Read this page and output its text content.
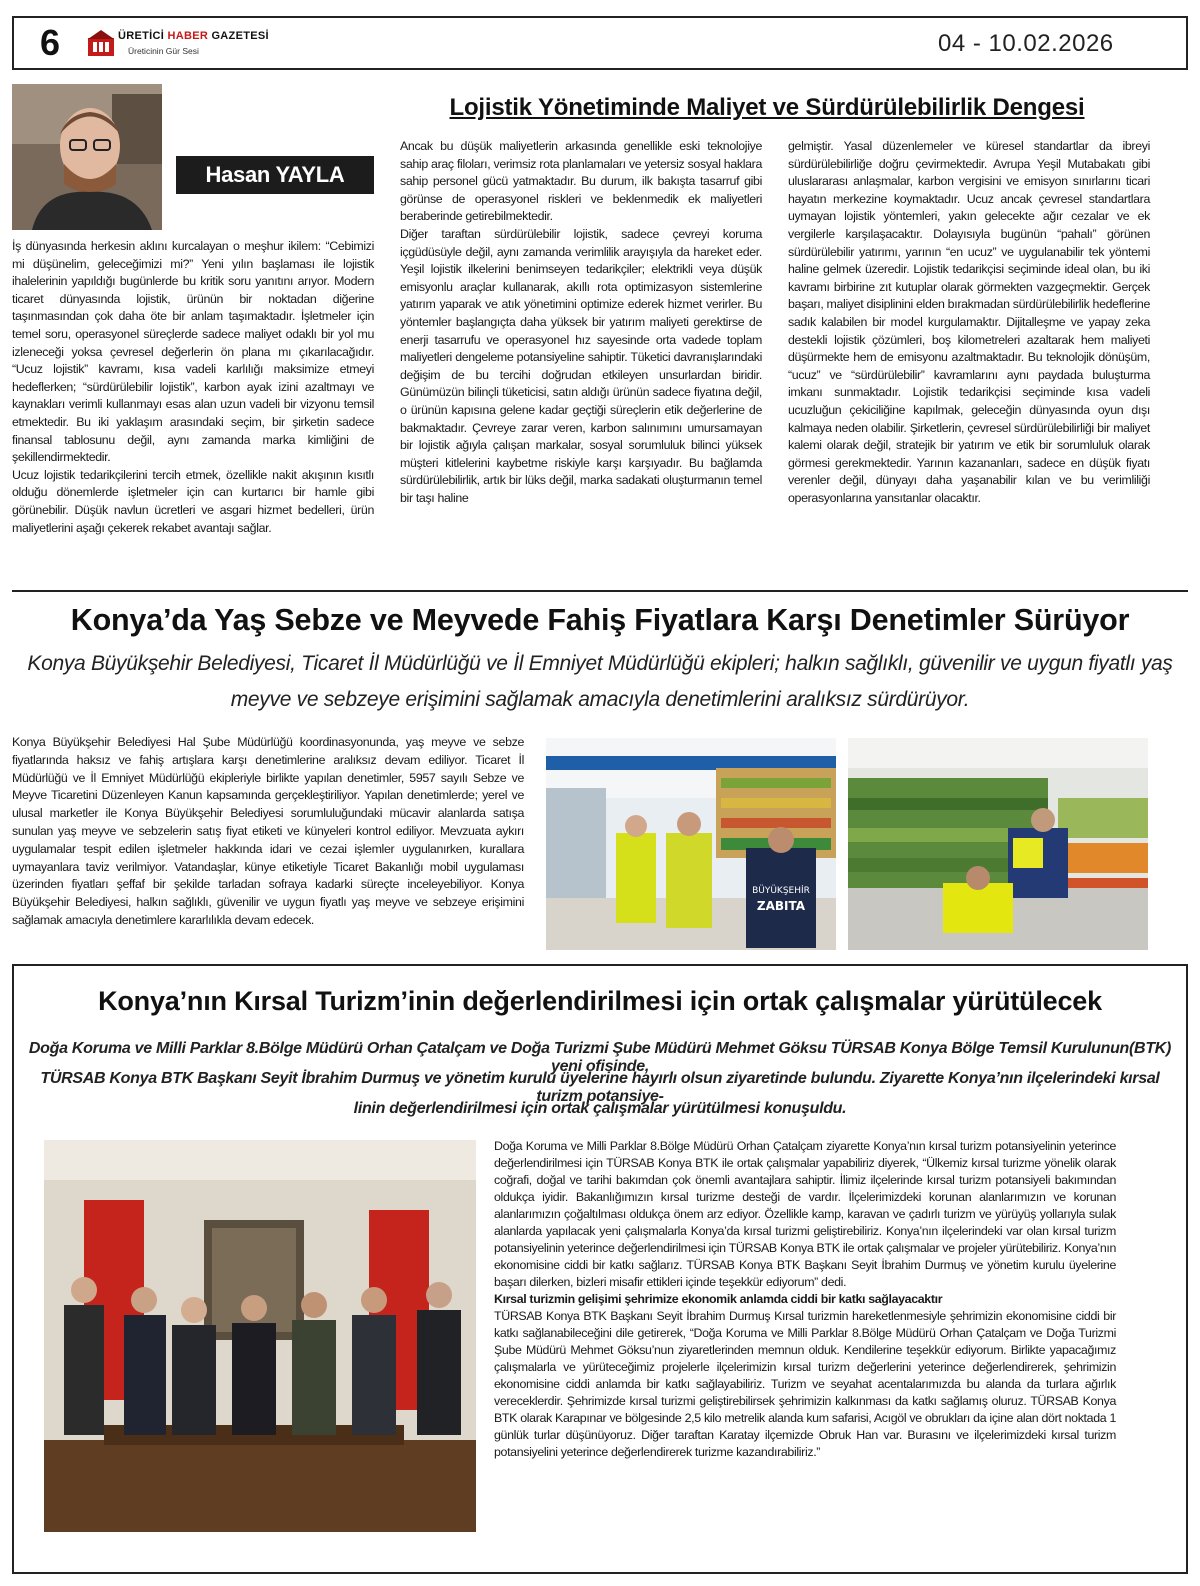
6	ÜRETİCİ HABER GAZETESİ
Üreticinin Gür Sesi	04 - 10.02.2026
Hasan YAYLA
Lojistik Yönetiminde Maliyet ve Sürdürülebilirlik Dengesi

İş dünyasında herkesin aklını kurcalayan o meşhur ikilem: “Cebimizi mi düşünelim, geleceğimizi mi?” Yeni yılın başlaması ile lojistik ihalelerinin yapıldığı bugünlerde bu kritik soru yanıtını arıyor. Modern ticaret dünyasında lojistik, ürünün bir noktadan diğerine taşınmasından çok daha öte bir anlam taşımaktadır. İşletmeler için temel soru, operasyonel süreçlerde sadece maliyet odaklı bir yol mu izleneceği yoksa çevresel değerlerin ön plana mı çıkarılacağıdır. “Ucuz lojistik” kavramı, kısa vadeli karlılığı maksimize etmeyi hedeflerken; “sürdürülebilir lojistik”, karbon ayak izini azaltmayı ve kaynakları verimli kullanmayı esas alan uzun vadeli bir vizyonu temsil etmektedir. Bu iki yaklaşım arasındaki seçim, bir şirketin sadece finansal tablosunu değil, aynı zamanda marka kimliğini de şekillendirmektedir.

Ucuz lojistik tedarikçilerini tercih etmek, özellikle nakit akışının kısıtlı olduğu dönemlerde işletmeler için can kurtarıcı bir hamle gibi görünebilir. Düşük navlun ücretleri ve asgari hizmet bedelleri, ürün maliyetlerini aşağı çekerek rekabet avantajı sağlar.

Ancak bu düşük maliyetlerin arkasında genellikle eski teknolojiye sahip araç filoları, verimsiz rota planlamaları ve yetersiz sosyal haklara sahip personel gücü yatmaktadır. Bu durum, ilk bakışta tasarruf gibi görünse de operasyonel riskleri ve beklenmedik ek maliyetleri beraberinde getirebilmektedir.

Diğer taraftan sürdürülebilir lojistik, sadece çevreyi koruma içgüdüsüyle değil, aynı zamanda verimlilik arayışıyla da hareket eder. Yeşil lojistik ilkelerini benimseyen tedarikçiler; elektrikli veya düşük emisyonlu araçlar kullanarak, akıllı rota optimizasyon sistemlerine yatırım yaparak ve atık yönetimini optimize ederek hizmet verirler. Bu yöntemler başlangıçta daha yüksek bir yatırım maliyeti gerektirse de enerji tasarrufu ve operasyonel hız sayesinde orta vadede toplam maliyetleri dengeleme potansiyeline sahiptir. Tüketici davranışlarındaki değişim de bu tercihi doğrudan etkileyen unsurlardan biridir. Günümüzün bilinçli tüketicisi, satın aldığı ürünün sadece fiyatına değil, o ürünün kapısına gelene kadar geçtiği süreçlerin etik değerlerine de bakmaktadır. Çevreye zarar veren, karbon salınımını umursamayan bir lojistik ağıyla çalışan markalar, sosyal sorumluluk bilinci yüksek müşteri kitlelerini kaybetme riskiyle karşı karşıyadır. Bu bağlamda sürdürülebilirlik, artık bir lüks değil, marka sadakati oluşturmanın temel bir taşı haline

gelmiştir. Yasal düzenlemeler ve küresel standartlar da ibreyi sürdürülebilirliğe doğru çevirmektedir. Avrupa Yeşil Mutabakatı gibi uluslararası anlaşmalar, karbon vergisini ve emisyon sınırlarını ticari hayatın merkezine koymaktadır. Ucuz ancak çevresel standartlara uymayan lojistik yöntemleri, yakın gelecekte ağır cezalar ve ek vergilerle karşılaşacaktır. Dolayısıyla bugünün “pahalı” görünen sürdürülebilir yatırımı, yarının “en ucuz” ve uygulanabilir tek yöntemi haline gelmek üzeredir. Lojistik tedarikçisi seçiminde ideal olan, bu iki kavramı birbirine zıt kutuplar olarak görmekten vazgeçmektir. Gerçek başarı, maliyet disiplinini elden bırakmadan sürdürülebilirlik hedeflerine sadık kalabilen bir model kurgulamaktır. Dijitalleşme ve yapay zeka destekli lojistik çözümleri, boş kilometreleri azaltarak hem maliyeti düşürmekte hem de emisyonu azaltmaktadır. Bu teknolojik dönüşüm, “ucuz” ve “sürdürülebilir” kavramlarını aynı paydada buluşturma imkanı sunmaktadır. Lojistik tedarikçisi seçiminde kısa vadeli ucuzluğun çekiciliğine kapılmak, geleceğin dünyasında oyun dışı kalmaya neden olabilir. Şirketlerin, çevresel sürdürülebilirliği bir maliyet kalemi olarak değil, stratejik bir yatırım ve etik bir sorumluluk olarak görmesi gerekmektedir. Yarının kazananları, sadece en düşük fiyatı verenler değil, dünyayı daha yaşanabilir kılan ve bu verimliliği operasyonlarına yansıtanlar olacaktır.

Konya’da Yaş Sebze ve Meyvede Fahiş Fiyatlara Karşı Denetimler Sürüyor
Konya Büyükşehir Belediyesi, Ticaret İl Müdürlüğü ve İl Emniyet Müdürlüğü ekipleri; halkın sağlıklı, güvenilir ve uygun fiyatlı yaş
meyve ve sebzeye erişimini sağlamak amacıyla denetimlerini aralıksız sürdürüyor.

Konya Büyükşehir Belediyesi Hal Şube Müdürlüğü koordinasyonunda, yaş meyve ve sebze fiyatlarında haksız ve fahiş artışlara karşı denetimlerine aralıksız devam ediliyor. Ticaret İl Müdürlüğü ve İl Emniyet Müdürlüğü ekipleriyle birlikte yapılan denetimler, 5957 sayılı Sebze ve Meyve Ticaretini Düzenleyen Kanun kapsamında gerçekleştiriliyor. Yapılan denetimlerde; yerel ve ulusal marketler ile Konya Büyükşehir Belediyesi sorumluluğundaki mücavir alanlarda satışa sunulan yaş meyve ve sebzelerin satış fiyat etiketi ve künyeleri kontrol ediliyor. Mevzuata aykırı uygulamalar tespit edilen işletmeler hakkında idari ve cezai işlemler uygulanırken, kurallara uymayanlara taviz verilmiyor. Vatandaşlar, künye etiketiyle Ticaret Bakanlığı mobil uygulaması üzerinden fiyatları şeffaf bir şekilde tarladan sofraya kadarki süreçte inceleyebiliyor. Konya Büyükşehir Belediyesi, halkın sağlıklı, güvenilir ve uygun fiyatlı yaş meyve ve sebzeye erişimini sağlamak amacıyla denetimlere kararlılıkla devam edecek.

BÜYÜKŞEHİR
ZABITA
Konya’nın Kırsal Turizm’inin değerlendirilmesi için ortak çalışmalar yürütülecek
Doğa Koruma ve Milli Parklar 8.Bölge Müdürü Orhan Çatalçam ve Doğa Turizmi Şube Müdürü Mehmet Göksu TÜRSAB Konya Bölge Temsil Kurulunun(BTK) yeni ofisinde,
TÜRSAB Konya BTK Başkanı Seyit İbrahim Durmuş ve yönetim kurulu üyelerine hayırlı olsun ziyaretinde bulundu. Ziyarette Konya’nın ilçelerindeki kırsal turizm potansiye-
linin değerlendirilmesi için ortak çalışmalar yürütülmesi konuşuldu.

Doğa Koruma ve Milli Parklar 8.Bölge Müdürü Orhan Çatalçam ziyarette Konya’nın kırsal turizm potansiyelinin yeterince değerlendirilmesi için TÜRSAB Konya BTK ile ortak çalışmalar yapabiliriz diyerek, “Ülkemiz kırsal turizme yönelik olarak coğrafi, doğal ve tarihi bakımdan çok önemli avantajlara sahiptir. İlimiz ilçelerinde kırsal turizm potansiyeli bakımından oldukça iyidir. Bakanlığımızın kırsal turizme desteği de vardır. İlçelerimizdeki korunan alanlarımızın ve korunan alanlarımızın çoğaltılması oldukça önem arz ediyor. Özellikle kamp, karavan ve çadırlı turizm ve yürüyüş yollarıyla sulak alanlarda yapılacak yeni çalışmalarla Konya’da kırsal turizmi geliştirebiliriz. Konya’nın ilçelerindeki var olan kırsal turizm potansiyelinin yeterince değerlendirilmesi için TÜRSAB Konya BTK ile ortak çalışmalar ve projeler yürütebiliriz. Konya’nın ekonomisine ciddi bir katkı sağlarız. TÜRSAB Konya BTK Başkanı Seyit İbrahim Durmuş ve yönetim kurulu üyelerine başarı dilerken, bizleri misafir ettikleri içinde teşekkür ediyorum” dedi.

Kırsal turizmin gelişimi şehrimize ekonomik anlamda ciddi bir katkı sağlayacaktır

TÜRSAB Konya BTK Başkanı Seyit İbrahim Durmuş Kırsal turizmin hareketlenmesiyle şehrimizin ekonomisine ciddi bir katkı sağlanabileceğini dile getirerek, “Doğa Koruma ve Milli Parklar 8.Bölge Müdürü Orhan Çatalçam ve Doğa Turizmi Şube Müdürü Mehmet Göksu’nun ziyaretlerinden memnun olduk. Kendilerine teşekkür ediyorum. Birlikte yapacağımız çalışmalarla ve yürüteceğimiz projelerle ilçelerimizin kırsal turizm değerlerini yeterince değerlendirerek, şehrimizin ekonomisine ciddi anlamda bir katkı sağlayabiliriz. Turizm ve seyahat acentalarımızda bu alanda da turlara ağırlık vereceklerdir. Şehrimizde kırsal turizmi geliştirebilirsek şehrimizin kalkınması da katkı sağlamış oluruz. TÜRSAB Konya BTK olarak Karapınar ve bölgesinde 2,5 kilo metrelik alanda kum safarisi, Acıgöl ve obrukları da içine alan dört noktada 1 günlük turlar düşünüyoruz. Diğer taraftan Karatay ilçemizde Obruk Han var. Burasını ve ilçelerimizdeki kırsal turizm potansiyelini yeterince değerlendirerek turizme kazandırabiliriz.”
